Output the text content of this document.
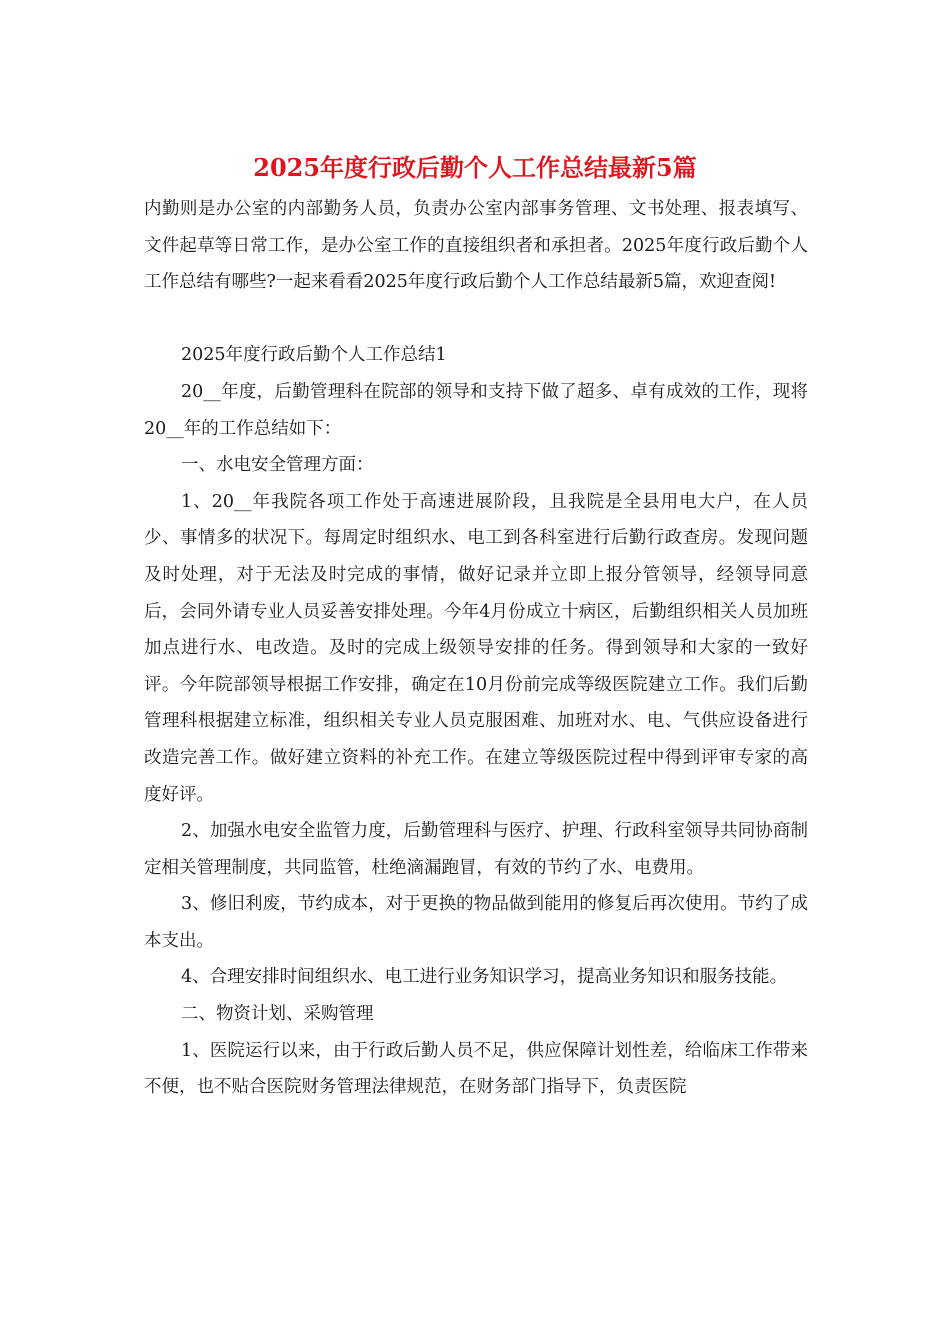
2025年度行政后勤个人工作总结最新5篇

内勤则是办公室的内部勤务人员，负责办公室内部事务管理、文书处理、报表填写、文件起草等日常工作，是办公室工作的直接组织者和承担者。2025年度行政后勤个人工作总结有哪些?一起来看看2025年度行政后勤个人工作总结最新5篇，欢迎查阅!

2025年度行政后勤个人工作总结1

20__年度，后勤管理科在院部的领导和支持下做了超多、卓有成效的工作，现将20__年的工作总结如下：

一、水电安全管理方面：

1、20__年我院各项工作处于高速进展阶段，且我院是全县用电大户，在人员少、事情多的状况下。每周定时组织水、电工到各科室进行后勤行政查房。发现问题及时处理，对于无法及时完成的事情，做好记录并立即上报分管领导，经领导同意后，会同外请专业人员妥善安排处理。今年4月份成立十病区，后勤组织相关人员加班加点进行水、电改造。及时的完成上级领导安排的任务。得到领导和大家的一致好评。今年院部领导根据工作安排，确定在10月份前完成等级医院建立工作。我们后勤管理科根据建立标准，组织相关专业人员克服困难、加班对水、电、气供应设备进行改造完善工作。做好建立资料的补充工作。在建立等级医院过程中得到评审专家的高度好评。

2、加强水电安全监管力度，后勤管理科与医疗、护理、行政科室领导共同协商制定相关管理制度，共同监管，杜绝滴漏跑冒，有效的节约了水、电费用。

3、修旧利废，节约成本，对于更换的物品做到能用的修复后再次使用。节约了成本支出。

4、合理安排时间组织水、电工进行业务知识学习，提高业务知识和服务技能。

二、物资计划、采购管理

1、医院运行以来，由于行政后勤人员不足，供应保障计划性差，给临床工作带来不便，也不贴合医院财务管理法律规范，在财务部门指导下，负责医院
